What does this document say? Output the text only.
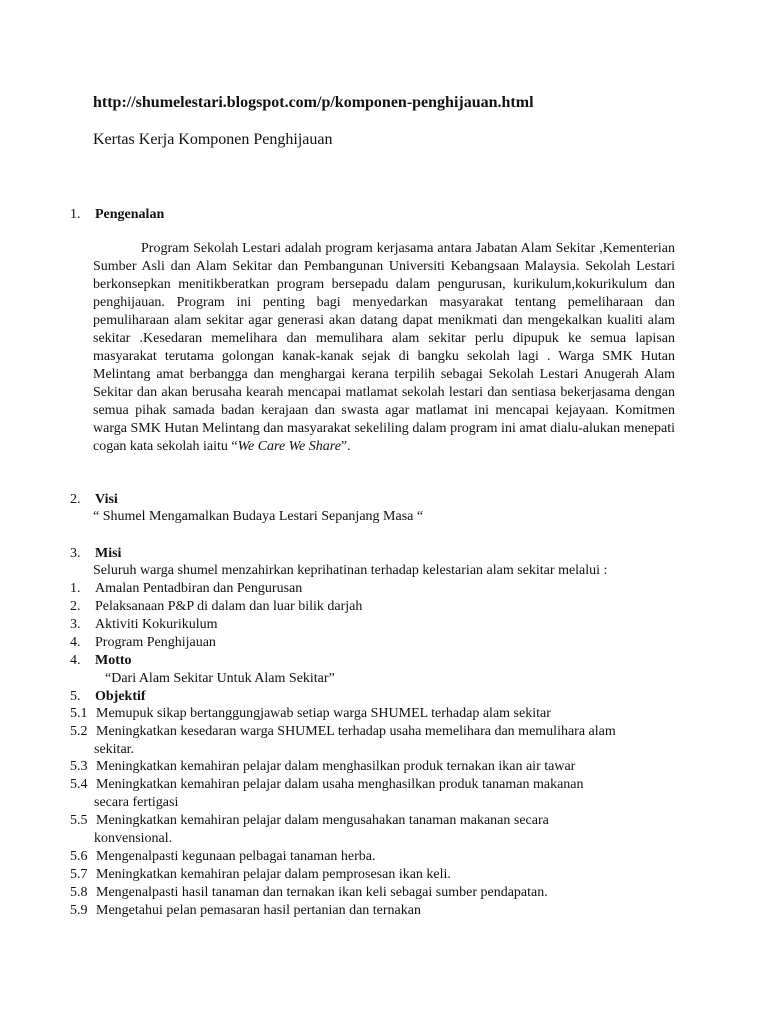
http://shumelestari.blogspot.com/p/komponen-penghijauan.html
Kertas Kerja Komponen Penghijauan
1. Pengenalan
Program Sekolah Lestari adalah program kerjasama antara Jabatan Alam Sekitar ,Kementerian Sumber Asli dan Alam Sekitar dan Pembangunan Universiti Kebangsaan Malaysia. Sekolah Lestari berkonsepkan menitikberatkan program bersepadu dalam pengurusan, kurikulum,kokurikulum dan penghijauan. Program ini penting bagi menyedarkan masyarakat tentang pemeliharaan dan pemuliharaan alam sekitar agar generasi akan datang dapat menikmati dan mengekalkan kualiti alam sekitar .Kesedaran memelihara dan memulihara alam sekitar perlu dipupuk ke semua lapisan masyarakat terutama golongan kanak-kanak sejak di bangku sekolah lagi . Warga SMK Hutan Melintang amat berbangga dan menghargai kerana terpilih sebagai Sekolah Lestari Anugerah Alam Sekitar dan akan berusaha kearah mencapai matlamat sekolah lestari dan sentiasa bekerjasama dengan semua pihak samada badan kerajaan dan swasta agar matlamat ini mencapai kejayaan. Komitmen warga SMK Hutan Melintang dan masyarakat sekeliling dalam program ini amat dialu-alukan menepati cogan kata sekolah iaitu “We Care We Share”.
2. Visi
“ Shumel Mengamalkan Budaya Lestari Sepanjang Masa “
3. Misi
Seluruh warga shumel menzahirkan keprihatinan terhadap kelestarian alam sekitar melalui :
1. Amalan Pentadbiran dan Pengurusan
2. Pelaksanaan P&P di dalam dan luar bilik darjah
3. Aktiviti Kokurikulum
4. Program Penghijauan
4. Motto
“Dari Alam Sekitar Untuk Alam Sekitar”
5. Objektif
5.1 Memupuk sikap bertanggungjawab setiap warga SHUMEL terhadap alam sekitar
5.2 Meningkatkan kesedaran warga SHUMEL terhadap usaha memelihara dan memulihara alam
sekitar.
5.3 Meningkatkan kemahiran pelajar dalam menghasilkan produk ternakan ikan air tawar
5.4 Meningkatkan kemahiran pelajar dalam usaha menghasilkan produk tanaman makanan
secara fertigasi
5.5 Meningkatkan kemahiran pelajar dalam mengusahakan tanaman makanan secara
konvensional.
5.6 Mengenalpasti kegunaan pelbagai tanaman herba.
5.7 Meningkatkan kemahiran pelajar dalam pemprosesan ikan keli.
5.8 Mengenalpasti hasil tanaman dan ternakan ikan keli sebagai sumber pendapatan.
5.9 Mengetahui pelan pemasaran hasil pertanian dan ternakan
